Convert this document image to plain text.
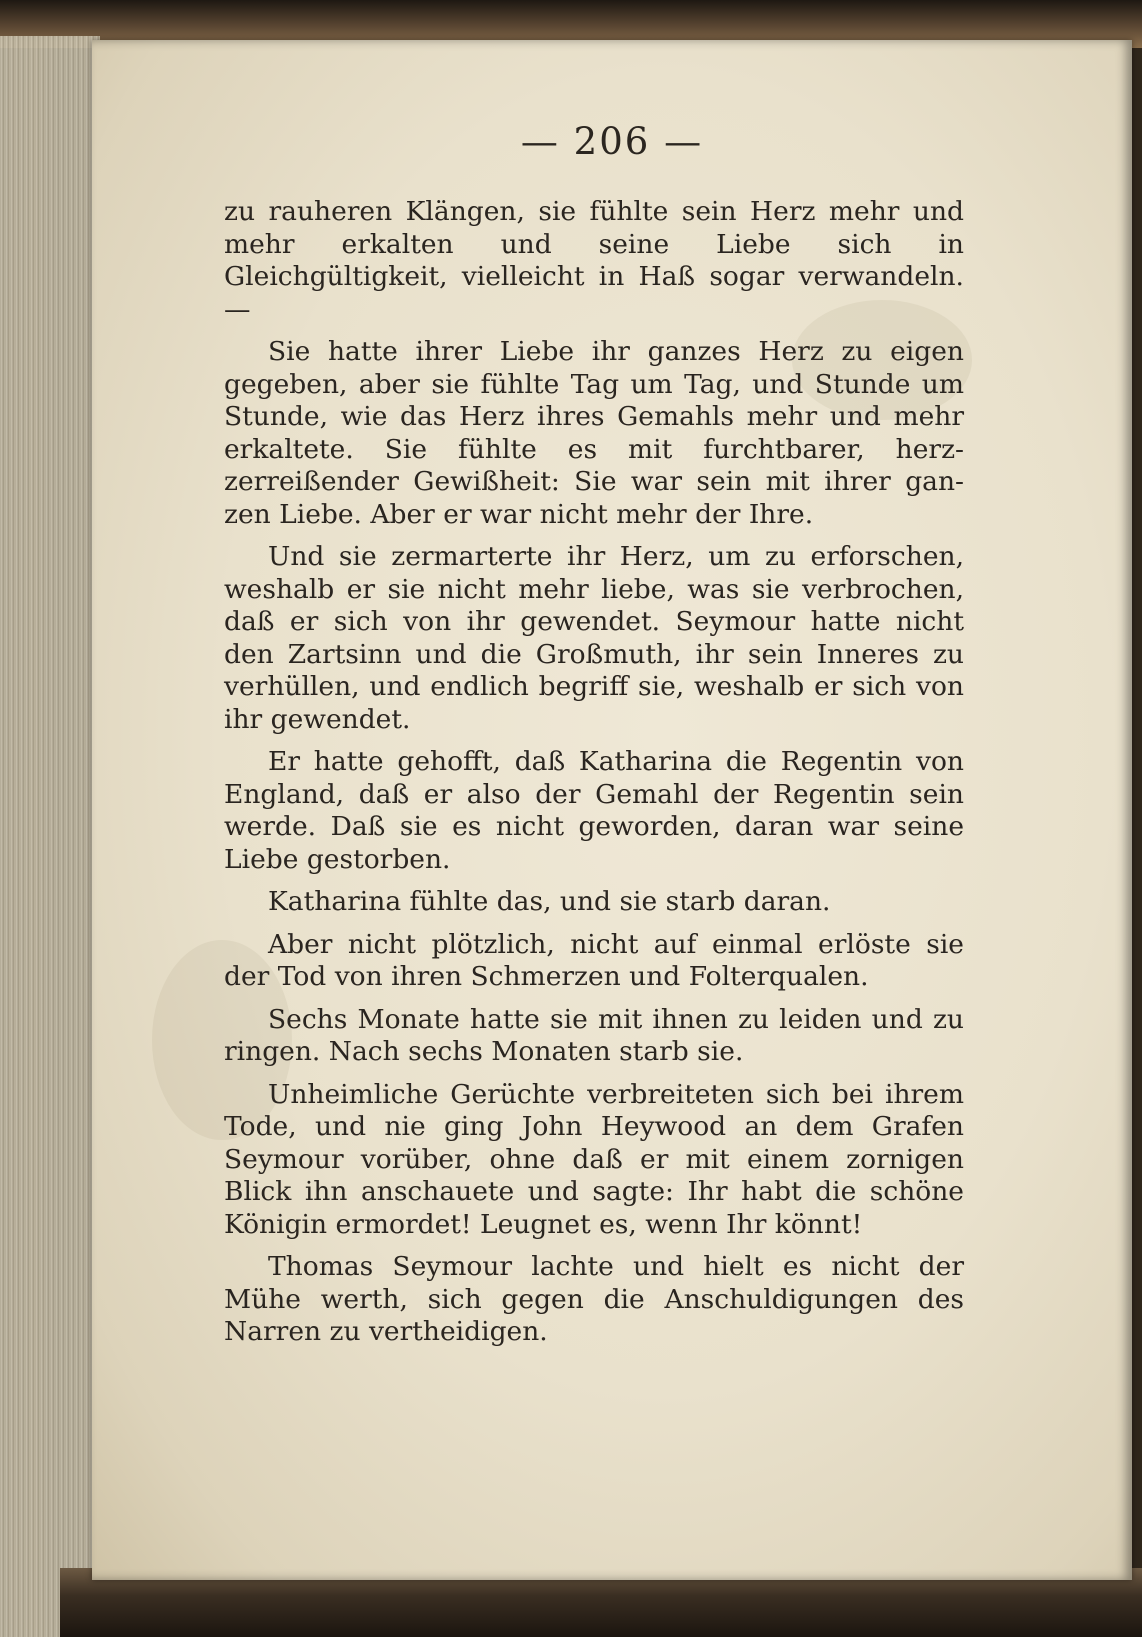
— 206 —

zu rauheren Klängen, sie fühlte sein Herz mehr und mehr erkalten und seine Liebe sich in Gleichgültigkeit, vielleicht in Haß sogar verwandeln. —

Sie hatte ihrer Liebe ihr ganzes Herz zu eigen gegeben, aber sie fühlte Tag um Tag, und Stunde um Stunde, wie das Herz ihres Gemahls mehr und mehr erkaltete. Sie fühlte es mit furchtbarer, herz-zerreißender Gewißheit: Sie war sein mit ihrer gan-zen Liebe. Aber er war nicht mehr der Ihre.

Und sie zermarterte ihr Herz, um zu erforschen, weshalb er sie nicht mehr liebe, was sie verbrochen, daß er sich von ihr gewendet. Seymour hatte nicht den Zartsinn und die Großmuth, ihr sein Inneres zu verhüllen, und endlich begriff sie, weshalb er sich von ihr gewendet.

Er hatte gehofft, daß Katharina die Regentin von England, daß er also der Gemahl der Regentin sein werde. Daß sie es nicht geworden, daran war seine Liebe gestorben.

Katharina fühlte das, und sie starb daran.

Aber nicht plötzlich, nicht auf einmal erlöste sie der Tod von ihren Schmerzen und Folterqualen.

Sechs Monate hatte sie mit ihnen zu leiden und zu ringen. Nach sechs Monaten starb sie.

Unheimliche Gerüchte verbreiteten sich bei ihrem Tode, und nie ging John Heywood an dem Grafen Seymour vorüber, ohne daß er mit einem zornigen Blick ihn anschauete und sagte: Ihr habt die schöne Königin ermordet! Leugnet es, wenn Ihr könnt!

Thomas Seymour lachte und hielt es nicht der Mühe werth, sich gegen die Anschuldigungen des Narren zu vertheidigen.
